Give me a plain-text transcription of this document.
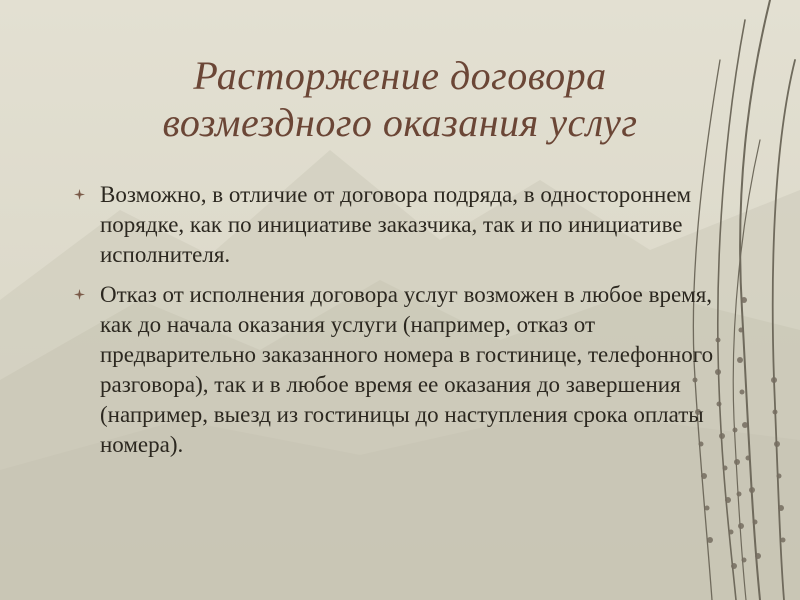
Расторжение договора
возмездного оказания услуг
Возможно, в отличие от договора подряда, в одностороннем порядке, как по инициативе заказчика, так и по инициативе исполнителя.
Отказ от исполнения договора услуг возможен в любое время, как до начала оказания услуги (например, отказ от предварительно заказанного номера в гостинице, телефонного разговора), так и в любое время ее оказания до завершения (например, выезд из гостиницы до наступления срока оплаты номера).
